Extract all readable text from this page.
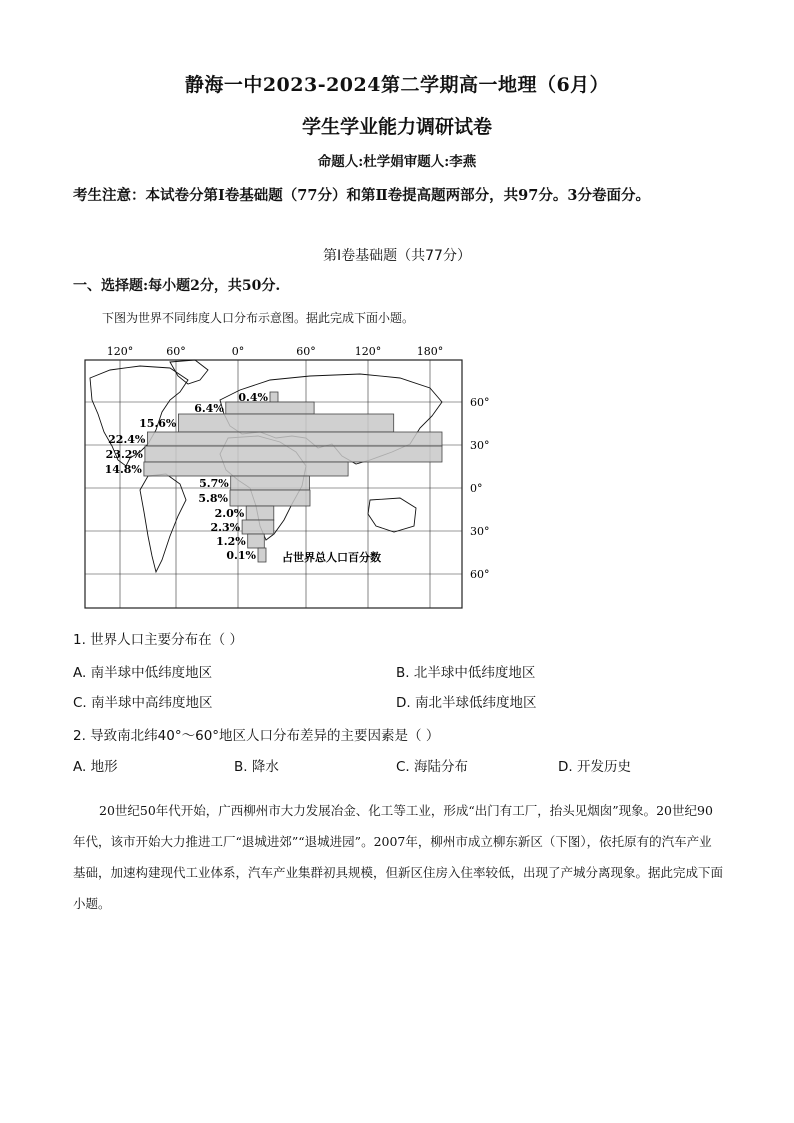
静海一中2023-2024第二学期高一地理（6月）
学生学业能力调研试卷
命题人:杜学娟审题人:李燕
考生注意：本试卷分第Ⅰ卷基础题（77分）和第Ⅱ卷提高题两部分，共97分。3分卷面分。
第Ⅰ卷基础题（共77分）
一、选择题:每小题2分，共50分.
下图为世界不同纬度人口分布示意图。据此完成下面小题。
120°	60°	0°	60°	120°	180°
60°
30°
0°
30°
60°
0.4%
6.4%
15.6%
22.4%
23.2%
14.8%
5.7%
5.8%
2.0%
2.3%
1.2%
0.1% 占世界总人口百分数
1. 世界人口主要分布在（ ）
A. 南半球中低纬度地区	B. 北半球中低纬度地区
C. 南半球中高纬度地区	D. 南北半球低纬度地区
2. 导致南北纬40°～60°地区人口分布差异的主要因素是（ ）
A. 地形	B. 降水	C. 海陆分布	D. 开发历史
20世纪50年代开始，广西柳州市大力发展冶金、化工等工业，形成“出门有工厂，抬头见烟囱”现象。20世纪90年代，该市开始大力推进工厂“退城进郊”“退城进园”。2007年，柳州市成立柳东新区（下图），依托原有的汽车产业基础，加速构建现代工业体系，汽车产业集群初具规模，但新区住房入住率较低，出现了产城分离现象。据此完成下面小题。
